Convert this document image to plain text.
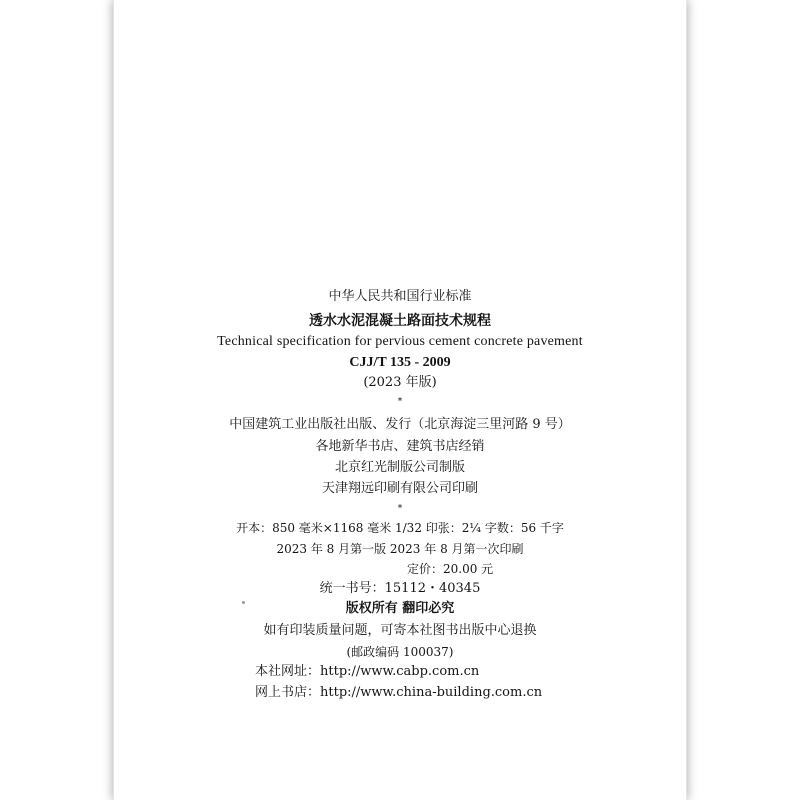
中华人民共和国行业标准
透水水泥混凝土路面技术规程
Technical specification for pervious cement concrete pavement
CJJ/T 135 - 2009
(2023 年版)
*
中国建筑工业出版社出版、发行（北京海淀三里河路 9 号）
各地新华书店、建筑书店经销
北京红光制版公司制版
天津翔远印刷有限公司印刷
*
开本：850 毫米×1168 毫米 1/32 印张：2¼ 字数：56 千字
2023 年 8 月第一版 2023 年 8 月第一次印刷
定价：20.00 元
统一书号：15112・40345
版权所有 翻印必究
如有印装质量问题，可寄本社图书出版中心退换
(邮政编码 100037)
本社网址：http://www.cabp.com.cn
网上书店：http://www.china-building.com.cn
